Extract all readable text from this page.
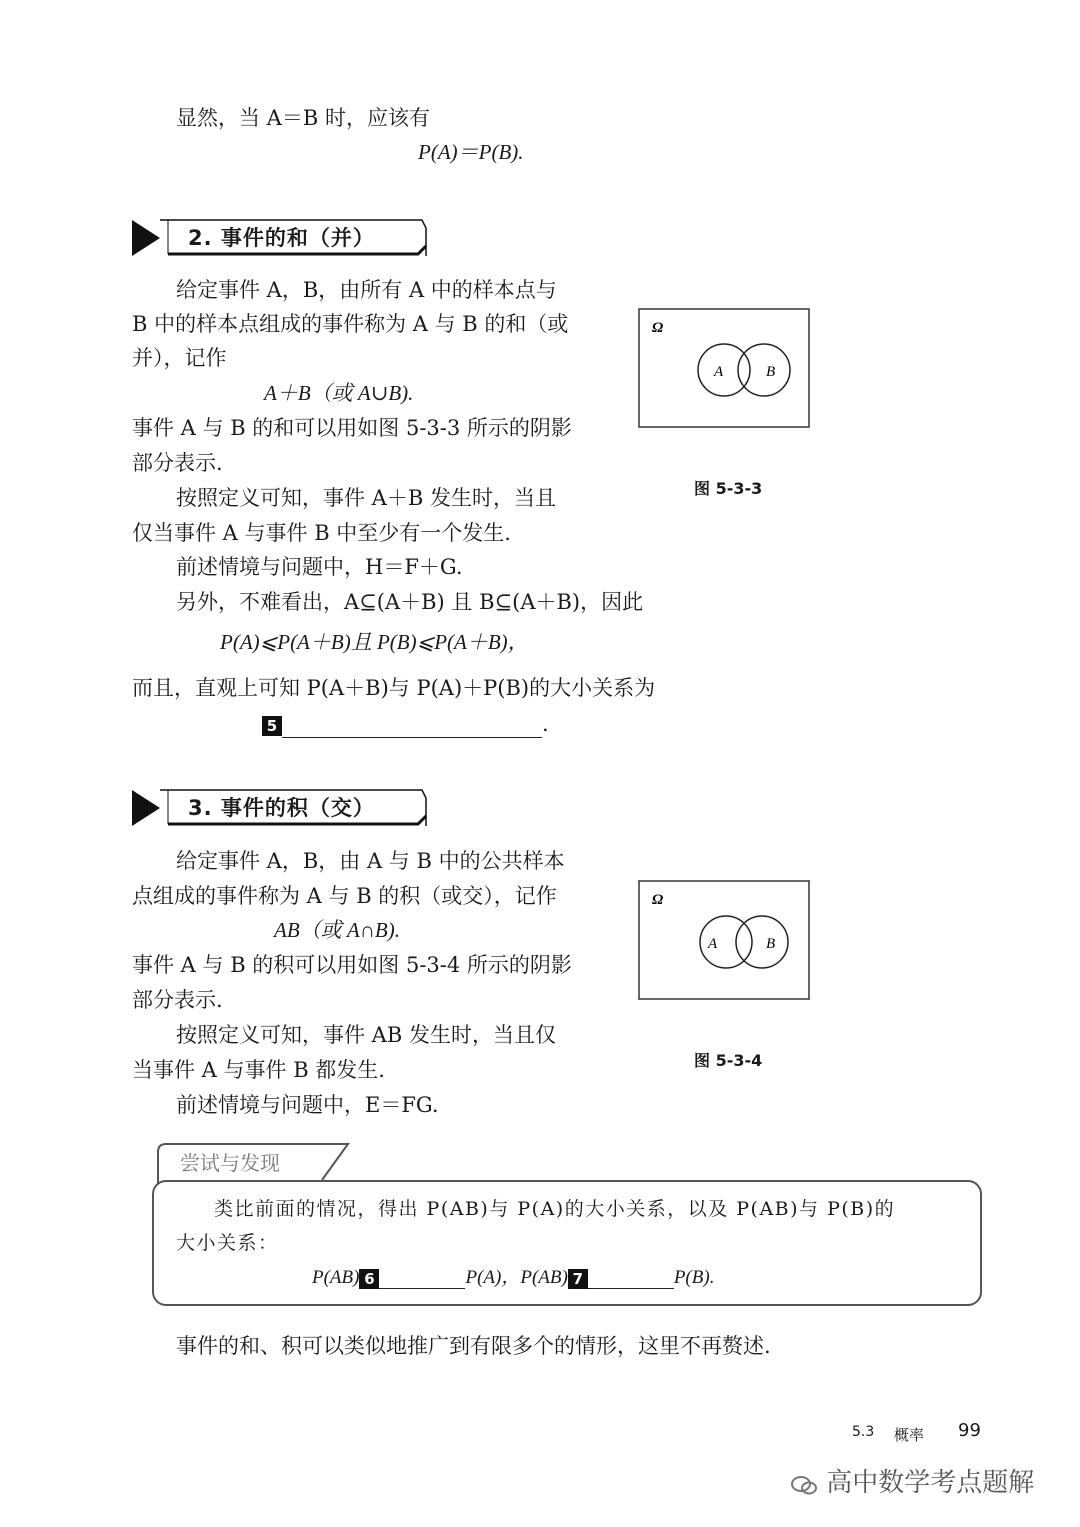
显然，当 A＝B 时，应该有
P(A)＝P(B).
2. 事件的和（并）
给定事件 A，B，由所有 A 中的样本点与
B 中的样本点组成的事件称为 A 与 B 的和（或
并），记作
A＋B（或 A∪B).
事件 A 与 B 的和可以用如图 5-3-3 所示的阴影
部分表示.
按照定义可知，事件 A＋B 发生时，当且
仅当事件 A 与事件 B 中至少有一个发生.
前述情境与问题中，H＝F＋G.
另外，不难看出，A⊆(A＋B) 且 B⊆(A＋B)，因此
P(A)⩽P(A＋B)且 P(B)⩽P(A＋B)，
而且，直观上可知 P(A＋B)与 P(A)＋P(B)的大小关系为
5	.
Ω
A	B
图 5-3-3
3. 事件的积（交）
给定事件 A，B，由 A 与 B 中的公共样本
点组成的事件称为 A 与 B 的积（或交），记作
AB（或 A∩B).
事件 A 与 B 的积可以用如图 5-3-4 所示的阴影
部分表示.
按照定义可知，事件 AB 发生时，当且仅
当事件 A 与事件 B 都发生.
前述情境与问题中，E＝FG.
Ω
A	B
图 5-3-4
尝试与发现
类比前面的情况，得出 P(AB)与 P(A)的大小关系，以及 P(AB)与 P(B)的
大小关系：
P(AB) 6	P(A)，P(AB) 7	P(B).
事件的和、积可以类似地推广到有限多个的情形，这里不再赘述.
5.3 概率 99
高中数学考点题解
